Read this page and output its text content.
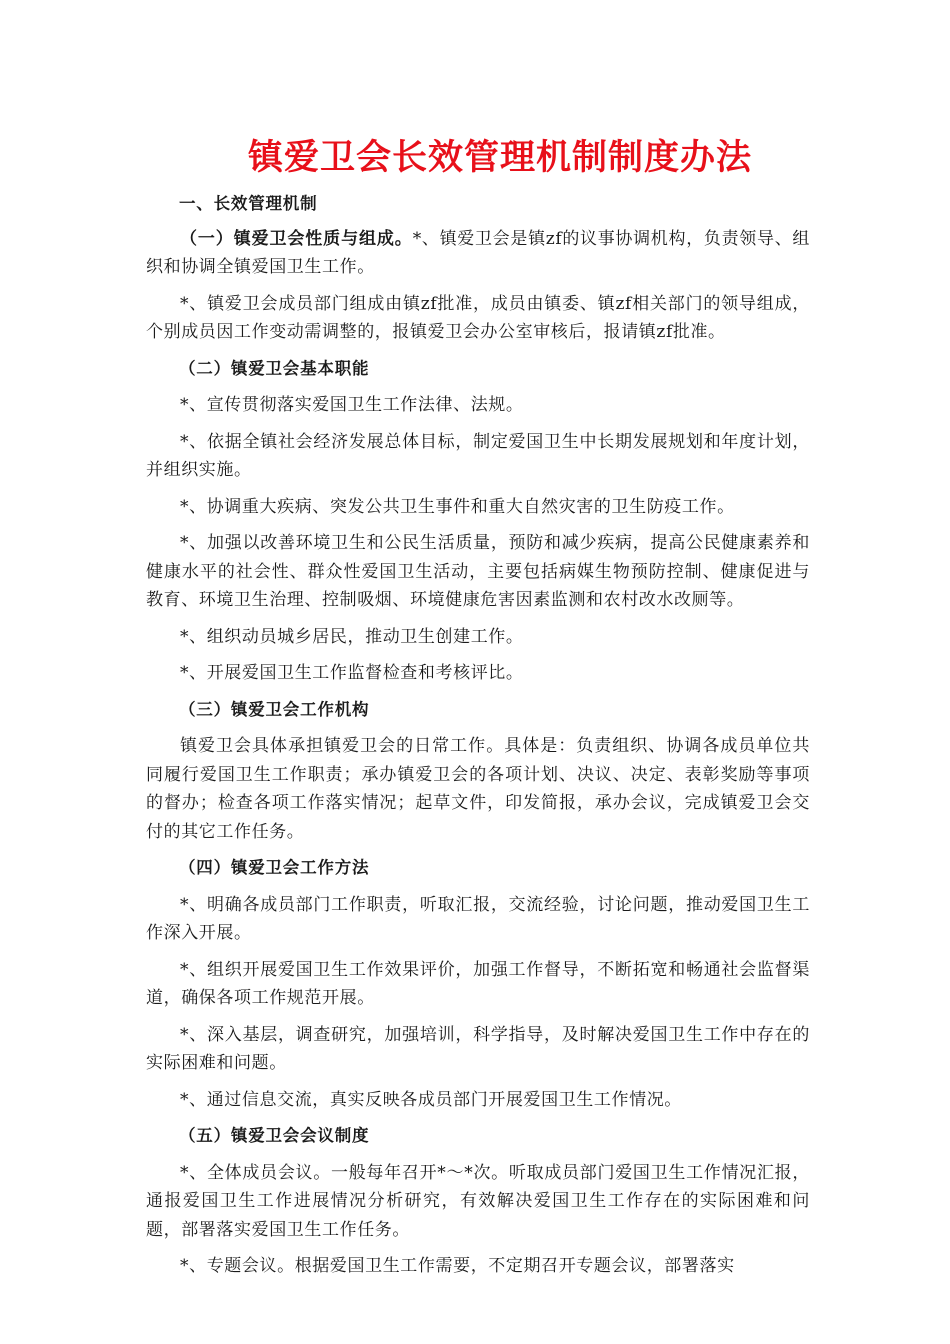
镇爱卫会长效管理机制制度办法

一、长效管理机制

（一）镇爱卫会性质与组成。*、镇爱卫会是镇zf的议事协调机构，负责领导、组织和协调全镇爱国卫生工作。

*、镇爱卫会成员部门组成由镇zf批准，成员由镇委、镇zf相关部门的领导组成，个别成员因工作变动需调整的，报镇爱卫会办公室审核后，报请镇zf批准。

（二）镇爱卫会基本职能

*、宣传贯彻落实爱国卫生工作法律、法规。

*、依据全镇社会经济发展总体目标，制定爱国卫生中长期发展规划和年度计划，并组织实施。

*、协调重大疾病、突发公共卫生事件和重大自然灾害的卫生防疫工作。

*、加强以改善环境卫生和公民生活质量，预防和减少疾病，提高公民健康素养和健康水平的社会性、群众性爱国卫生活动，主要包括病媒生物预防控制、健康促进与教育、环境卫生治理、控制吸烟、环境健康危害因素监测和农村改水改厕等。

*、组织动员城乡居民，推动卫生创建工作。

*、开展爱国卫生工作监督检查和考核评比。

（三）镇爱卫会工作机构

镇爱卫会具体承担镇爱卫会的日常工作。具体是：负责组织、协调各成员单位共同履行爱国卫生工作职责；承办镇爱卫会的各项计划、决议、决定、表彰奖励等事项的督办；检查各项工作落实情况；起草文件，印发简报，承办会议，完成镇爱卫会交付的其它工作任务。

（四）镇爱卫会工作方法

*、明确各成员部门工作职责，听取汇报，交流经验，讨论问题，推动爱国卫生工作深入开展。

*、组织开展爱国卫生工作效果评价，加强工作督导，不断拓宽和畅通社会监督渠道，确保各项工作规范开展。

*、深入基层，调查研究，加强培训，科学指导，及时解决爱国卫生工作中存在的实际困难和问题。

*、通过信息交流，真实反映各成员部门开展爱国卫生工作情况。

（五）镇爱卫会会议制度

*、全体成员会议。一般每年召开*～*次。听取成员部门爱国卫生工作情况汇报，通报爱国卫生工作进展情况分析研究，有效解决爱国卫生工作存在的实际困难和问题，部署落实爱国卫生工作任务。

*、专题会议。根据爱国卫生工作需要，不定期召开专题会议，部署落实
